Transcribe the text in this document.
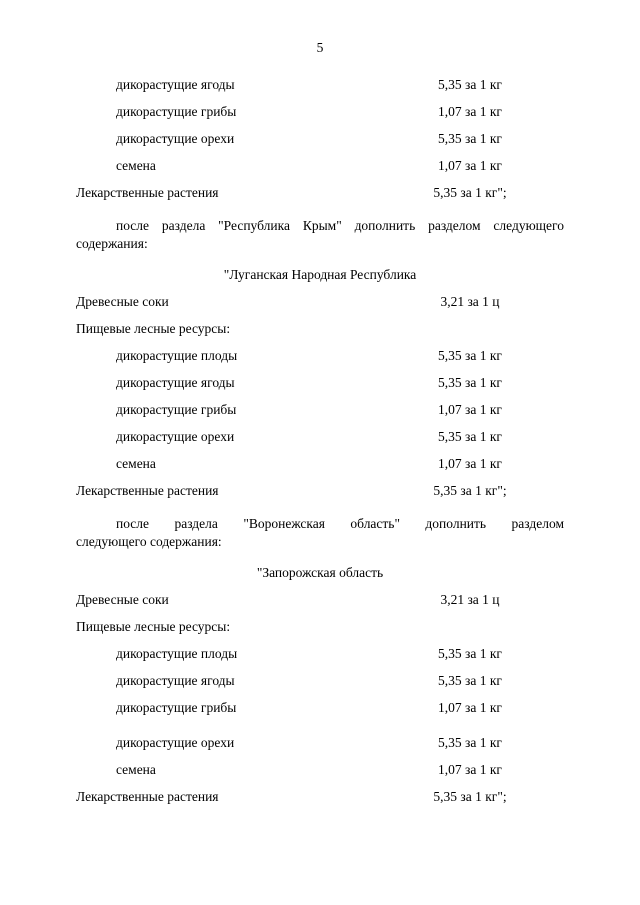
5
дикорастущие ягоды	5,35 за 1 кг
дикорастущие грибы	1,07 за 1 кг
дикорастущие орехи	5,35 за 1 кг
семена	1,07 за 1 кг
Лекарственные растения	5,35 за 1 кг";
после раздела "Республика Крым" дополнить разделом следующего
содержания:
"Луганская Народная Республика
Древесные соки	3,21 за 1 ц
Пищевые лесные ресурсы:
дикорастущие плоды	5,35 за 1 кг
дикорастущие ягоды	5,35 за 1 кг
дикорастущие грибы	1,07 за 1 кг
дикорастущие орехи	5,35 за 1 кг
семена	1,07 за 1 кг
Лекарственные растения	5,35 за 1 кг";
после раздела "Воронежская область" дополнить разделом
следующего содержания:
"Запорожская область
Древесные соки	3,21 за 1 ц
Пищевые лесные ресурсы:
дикорастущие плоды	5,35 за 1 кг
дикорастущие ягоды	5,35 за 1 кг
дикорастущие грибы	1,07 за 1 кг
дикорастущие орехи	5,35 за 1 кг
семена	1,07 за 1 кг
Лекарственные растения	5,35 за 1 кг";
